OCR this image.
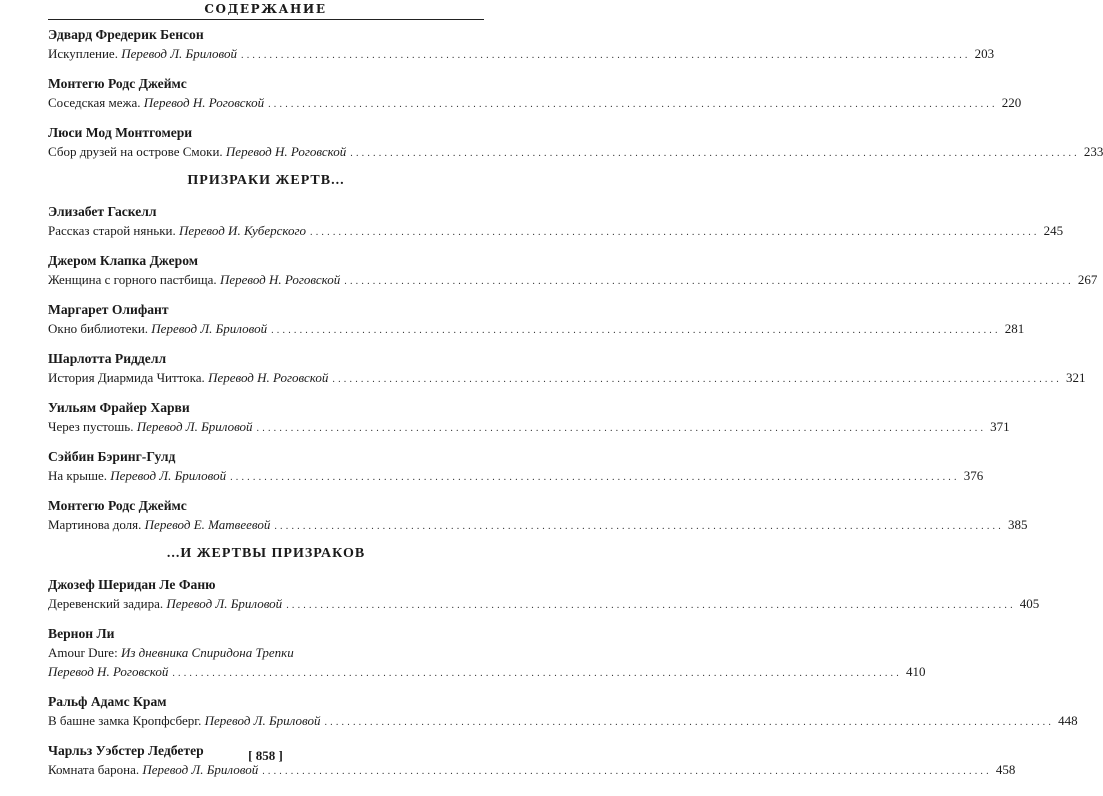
СОДЕРЖАНИЕ
Эдвард Фредерик Бенсон
Искупление. Перевод Л. Бриловой ................................................................................................................................ 203
Монтегю Родс Джеймс
Соседская межа. Перевод Н. Роговской ................................................................................................................................ 220
Люси Мод Монтгомери
Сбор друзей на острове Смоки. Перевод Н. Роговской ................................................................................................................................ 233
ПРИЗРАКИ ЖЕРТВ...
Элизабет Гаскелл
Рассказ старой няньки. Перевод И. Куберского ................................................................................................................................ 245
Джером Клапка Джером
Женщина с горного пастбища. Перевод Н. Роговской ................................................................................................................................ 267
Маргарет Олифант
Окно библиотеки. Перевод Л. Бриловой ................................................................................................................................ 281
Шарлотта Ридделл
История Диармида Читтока. Перевод Н. Роговской ................................................................................................................................ 321
Уильям Фрайер Харви
Через пустошь. Перевод Л. Бриловой ................................................................................................................................ 371
Сэйбин Бэринг-Гулд
На крыше. Перевод Л. Бриловой ................................................................................................................................ 376
Монтегю Родс Джеймс
Мартинова доля. Перевод Е. Матвеевой ................................................................................................................................ 385
...И ЖЕРТВЫ ПРИЗРАКОВ
Джозеф Шеридан Ле Фаню
Деревенский задира. Перевод Л. Бриловой ................................................................................................................................ 405
Вернон Ли
Amour Dure: Из дневника Спиридона Трепки
Перевод Н. Роговской ................................................................................................................................ 410
Ральф Адамс Крам
В башне замка Кропфсберг. Перевод Л. Бриловой ................................................................................................................................ 448
Чарльз Уэбстер Ледбетер
Комната барона. Перевод Л. Бриловой ................................................................................................................................ 458
[ 858 ]
